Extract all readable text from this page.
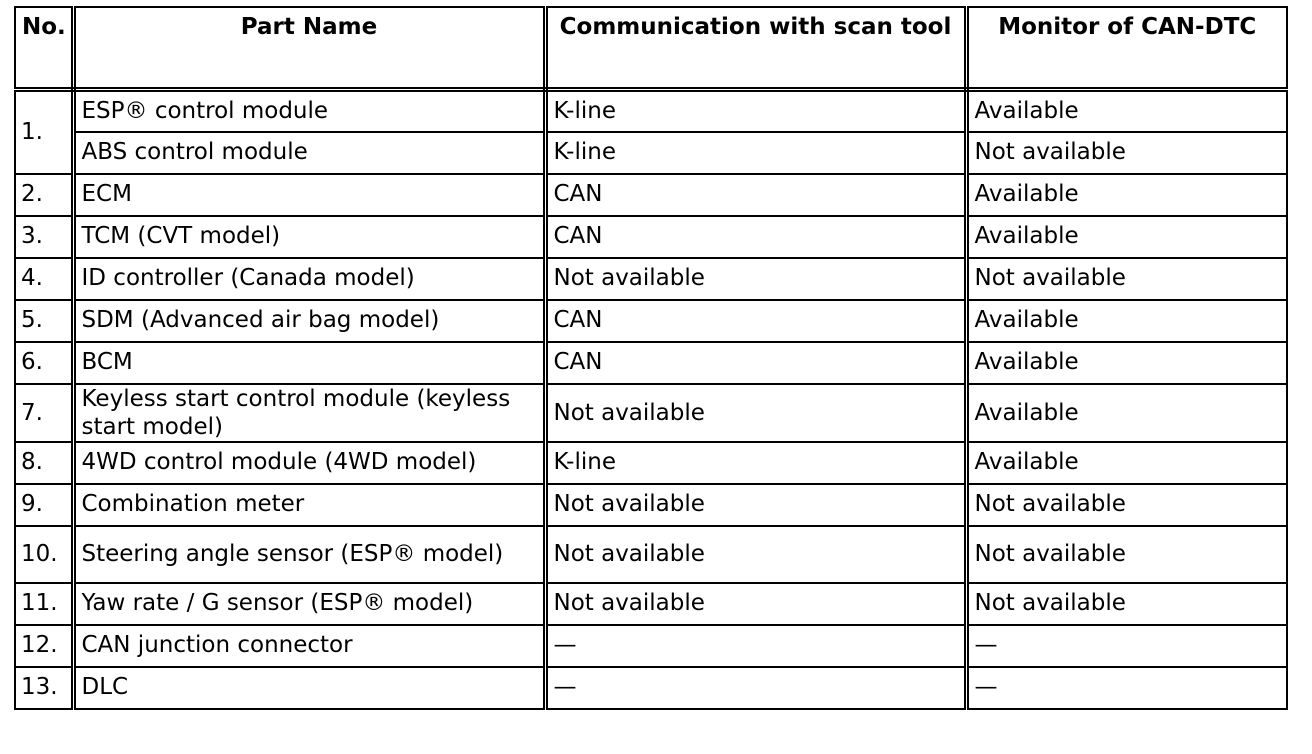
No.	Part Name	Communication with scan tool	Monitor of CAN-DTC
1.	ESP® control module	K-line	Available
	ABS control module	K-line	Not available
2.	ECM	CAN	Available
3.	TCM (CVT model)	CAN	Available
4.	ID controller (Canada model)	Not available	Not available
5.	SDM (Advanced air bag model)	CAN	Available
6.	BCM	CAN	Available
7.	Keyless start control module (keyless start model)	Not available	Available
8.	4WD control module (4WD model)	K-line	Available
9.	Combination meter	Not available	Not available
10.	Steering angle sensor (ESP® model)	Not available	Not available
11.	Yaw rate / G sensor (ESP® model)	Not available	Not available
12.	CAN junction connector	—	—
13.	DLC	—	—
